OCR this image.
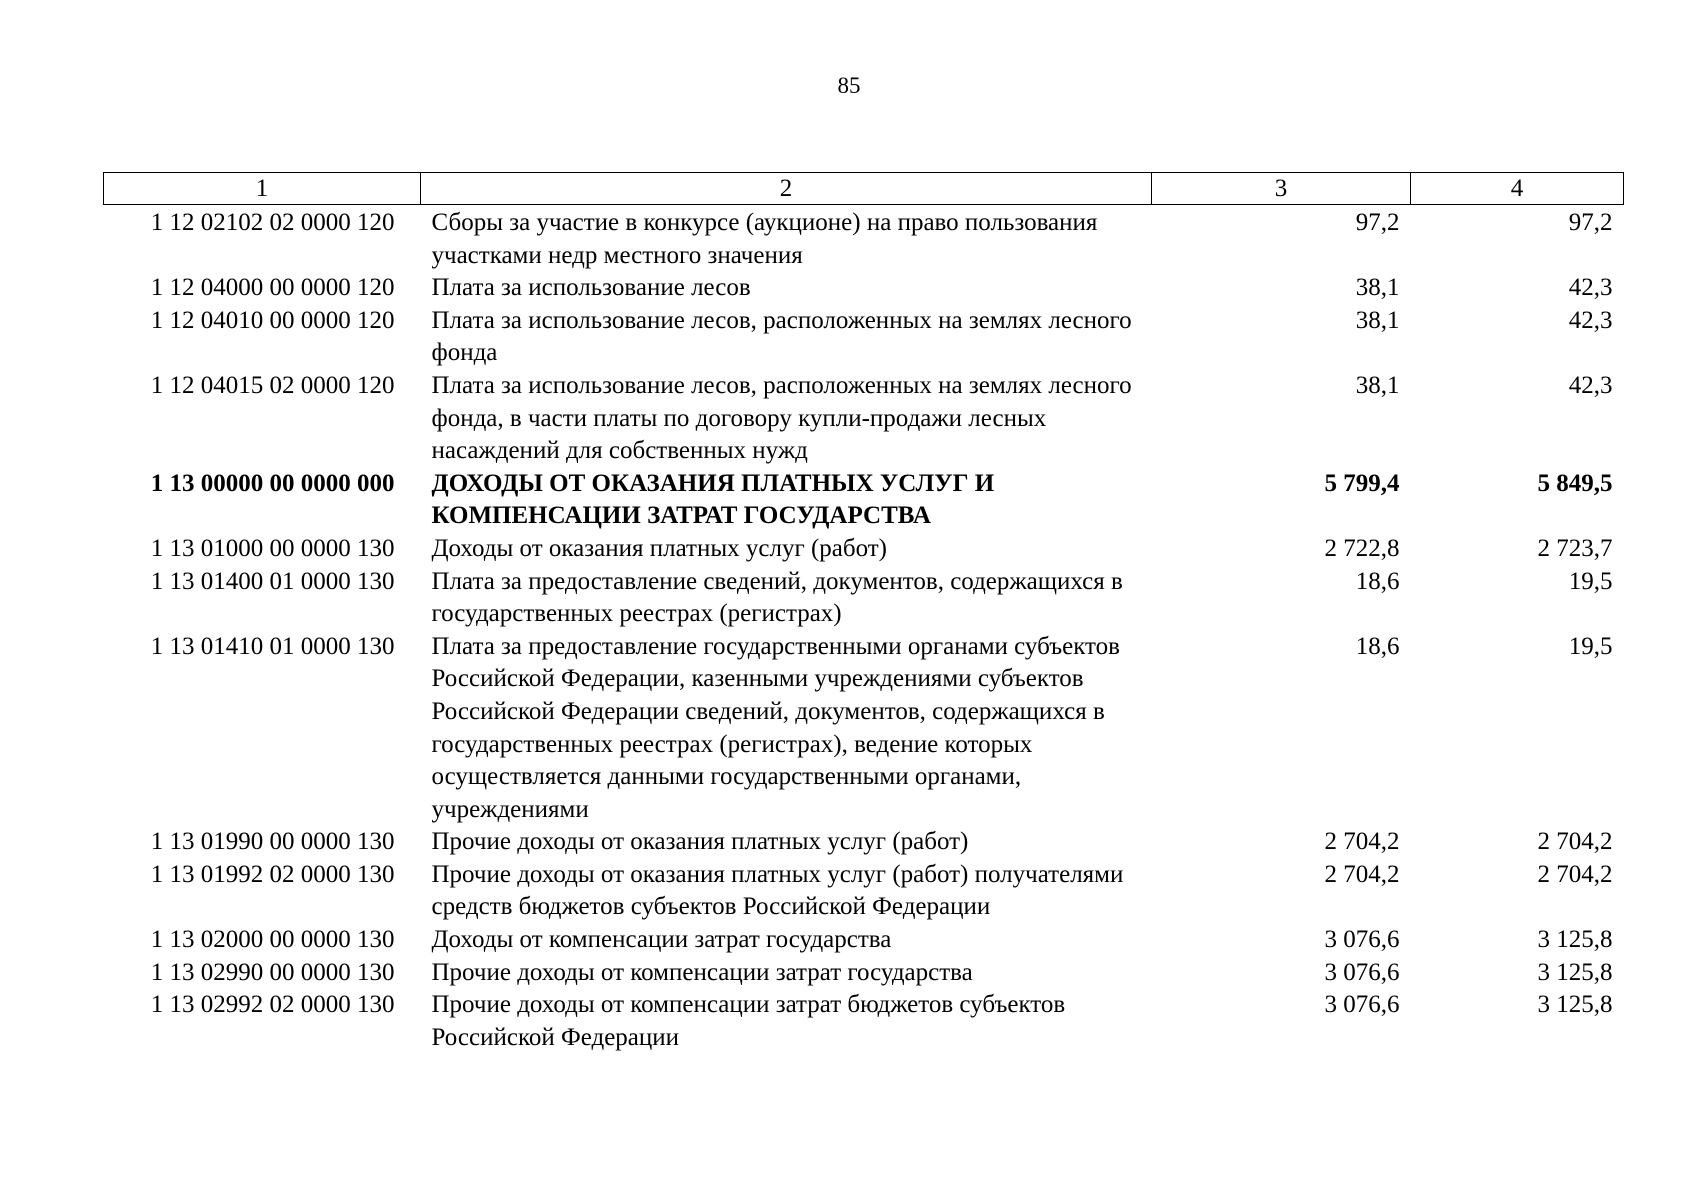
85
1	2	3	4
1 12 02102 02 0000 120	Сборы за участие в конкурсе (аукционе) на право пользования участками недр местного значения	97,2	97,2
1 12 04000 00 0000 120	Плата за использование лесов	38,1	42,3
1 12 04010 00 0000 120	Плата за использование лесов, расположенных на землях лесного фонда	38,1	42,3
1 12 04015 02 0000 120	Плата за использование лесов, расположенных на землях лесного фонда, в части платы по договору купли-продажи лесных насаждений для собственных нужд	38,1	42,3
1 13 00000 00 0000 000	ДОХОДЫ ОТ ОКАЗАНИЯ ПЛАТНЫХ УСЛУГ И КОМПЕНСАЦИИ ЗАТРАТ ГОСУДАРСТВА	5 799,4	5 849,5
1 13 01000 00 0000 130	Доходы от оказания платных услуг (работ)	2 722,8	2 723,7
1 13 01400 01 0000 130	Плата за предоставление сведений, документов, содержащихся в государственных реестрах (регистрах)	18,6	19,5
1 13 01410 01 0000 130	Плата за предоставление государственными органами субъектов Российской Федерации, казенными учреждениями субъектов Российской Федерации сведений, документов, содержащихся в государственных реестрах (регистрах), ведение которых осуществляется данными государственными органами, учреждениями	18,6	19,5
1 13 01990 00 0000 130	Прочие доходы от оказания платных услуг (работ)	2 704,2	2 704,2
1 13 01992 02 0000 130	Прочие доходы от оказания платных услуг (работ) получателями средств бюджетов субъектов Российской Федерации	2 704,2	2 704,2
1 13 02000 00 0000 130	Доходы от компенсации затрат государства	3 076,6	3 125,8
1 13 02990 00 0000 130	Прочие доходы от компенсации затрат государства	3 076,6	3 125,8
1 13 02992 02 0000 130	Прочие доходы от компенсации затрат бюджетов субъектов Российской Федерации	3 076,6	3 125,8
